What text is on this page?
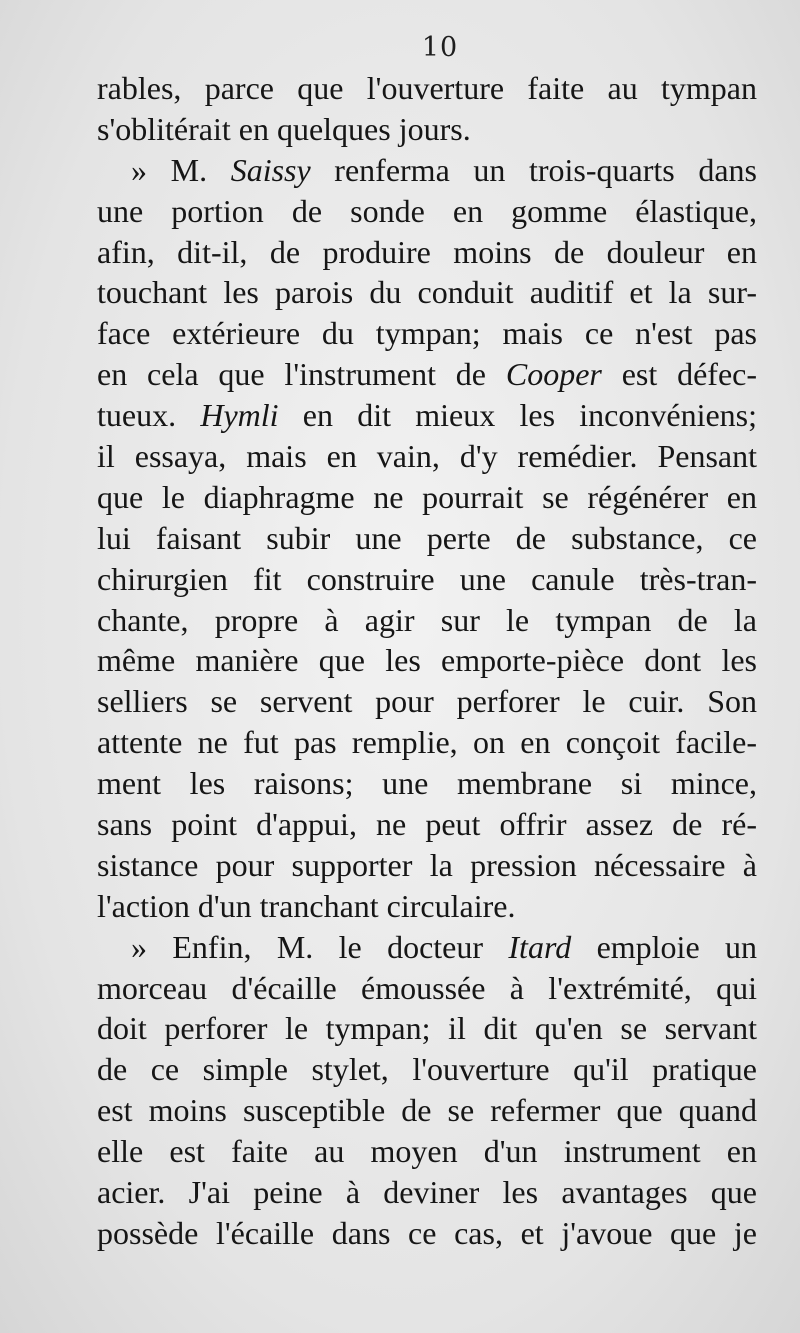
10
rables, parce que l'ouverture faite au tympan
s'oblitérait en quelques jours.
» M. Saissy renferma un trois-quarts dans
une portion de sonde en gomme élastique,
afin, dit-il, de produire moins de douleur en
touchant les parois du conduit auditif et la sur-
face extérieure du tympan; mais ce n'est pas
en cela que l'instrument de Cooper est défec-
tueux. Hymli en dit mieux les inconvéniens;
il essaya, mais en vain, d'y remédier. Pensant
que le diaphragme ne pourrait se régénérer en
lui faisant subir une perte de substance, ce
chirurgien fit construire une canule très-tran-
chante, propre à agir sur le tympan de la
même manière que les emporte-pièce dont les
selliers se servent pour perforer le cuir. Son
attente ne fut pas remplie, on en conçoit facile-
ment les raisons; une membrane si mince,
sans point d'appui, ne peut offrir assez de ré-
sistance pour supporter la pression nécessaire à
l'action d'un tranchant circulaire.
» Enfin, M. le docteur Itard emploie un
morceau d'écaille émoussée à l'extrémité, qui
doit perforer le tympan; il dit qu'en se servant
de ce simple stylet, l'ouverture qu'il pratique
est moins susceptible de se refermer que quand
elle est faite au moyen d'un instrument en
acier. J'ai peine à deviner les avantages que
possède l'écaille dans ce cas, et j'avoue que je
